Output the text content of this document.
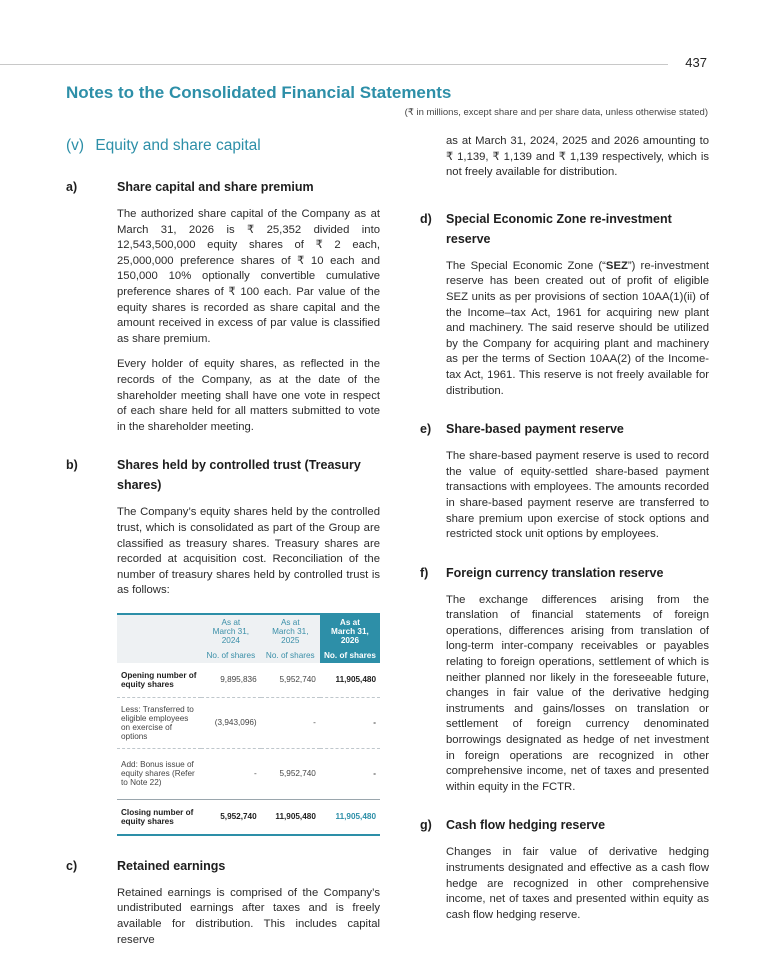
437
Notes to the Consolidated Financial Statements
(₹ in millions, except share and per share data, unless otherwise stated)
(v) Equity and share capital
a)	Share capital and share premium

The authorized share capital of the Company as at March 31, 2026 is ₹ 25,352 divided into 12,543,500,000 equity shares of ₹ 2 each, 25,000,000 preference shares of ₹ 10 each and 150,000 10% optionally convertible cumulative preference shares of ₹ 100 each. Par value of the equity shares is recorded as share capital and the amount received in excess of par value is classified as share premium.

Every holder of equity shares, as reflected in the records of the Company, as at the date of the shareholder meeting shall have one vote in respect of each share held for all matters submitted to vote in the shareholder meeting.

b)	Shares held by controlled trust (Treasury shares)

The Company’s equity shares held by the controlled trust, which is consolidated as part of the Group are classified as treasury shares. Treasury shares are recorded at acquisition cost. Reconciliation of the number of treasury shares held by controlled trust is as follows:

	As at
March 31, 2024	As at
March 31, 2025	As at
March 31, 2026
	No. of shares	No. of shares	No. of shares
Opening number of equity shares	9,895,836	5,952,740	11,905,480
Less: Transferred to eligible employees on exercise of options	(3,943,096)	-	-
Add: Bonus issue of equity shares (Refer to Note 22)	-	5,952,740	-
Closing number of equity shares	5,952,740	11,905,480	11,905,480
c)	Retained earnings

Retained earnings is comprised of the Company’s undistributed earnings after taxes and is freely available for distribution. This includes capital reserve

as at March 31, 2024, 2025 and 2026 amounting to ₹ 1,139, ₹ 1,139 and ₹ 1,139 respectively, which is not freely available for distribution.

d) Special Economic Zone re-investment reserve

The Special Economic Zone (“SEZ”) re-investment reserve has been created out of profit of eligible SEZ units as per provisions of section 10AA(1)(ii) of the Income–tax Act, 1961 for acquiring new plant and machinery. The said reserve should be utilized by the Company for acquiring plant and machinery as per the terms of Section 10AA(2) of the Income-tax Act, 1961. This reserve is not freely available for distribution.

e) Share-based payment reserve

The share-based payment reserve is used to record the value of equity-settled share-based payment transactions with employees. The amounts recorded in share-based payment reserve are transferred to share premium upon exercise of stock options and restricted stock unit options by employees.

f) Foreign currency translation reserve

The exchange differences arising from the translation of financial statements of foreign operations, differences arising from translation of long-term inter-company receivables or payables relating to foreign operations, settlement of which is neither planned nor likely in the foreseeable future, changes in fair value of the derivative hedging instruments and gains/losses on translation or settlement of foreign currency denominated borrowings designated as hedge of net investment in foreign operations are recognized in other comprehensive income, net of taxes and presented within equity in the FCTR.

g) Cash flow hedging reserve

Changes in fair value of derivative hedging instruments designated and effective as a cash flow hedge are recognized in other comprehensive income, net of taxes and presented within equity as cash flow hedging reserve.
